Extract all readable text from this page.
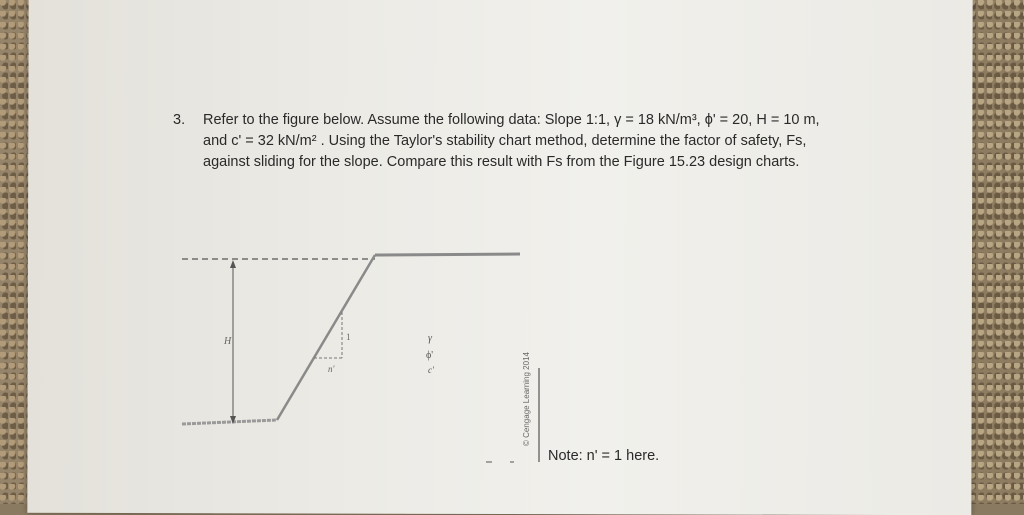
3. Refer to the figure below. Assume the following data: Slope 1:1, γ = 18 kN/m³, ϕ' = 20, H = 10 m,
and c' = 32 kN/m² . Using the Taylor's stability chart method, determine the factor of safety, Fs,
against sliding for the slope. Compare this result with Fs from the Figure 15.23 design charts.
H	1
n'
γ
ϕ'
c'	© Cengage Learning 2014
Note: n' = 1 here.
